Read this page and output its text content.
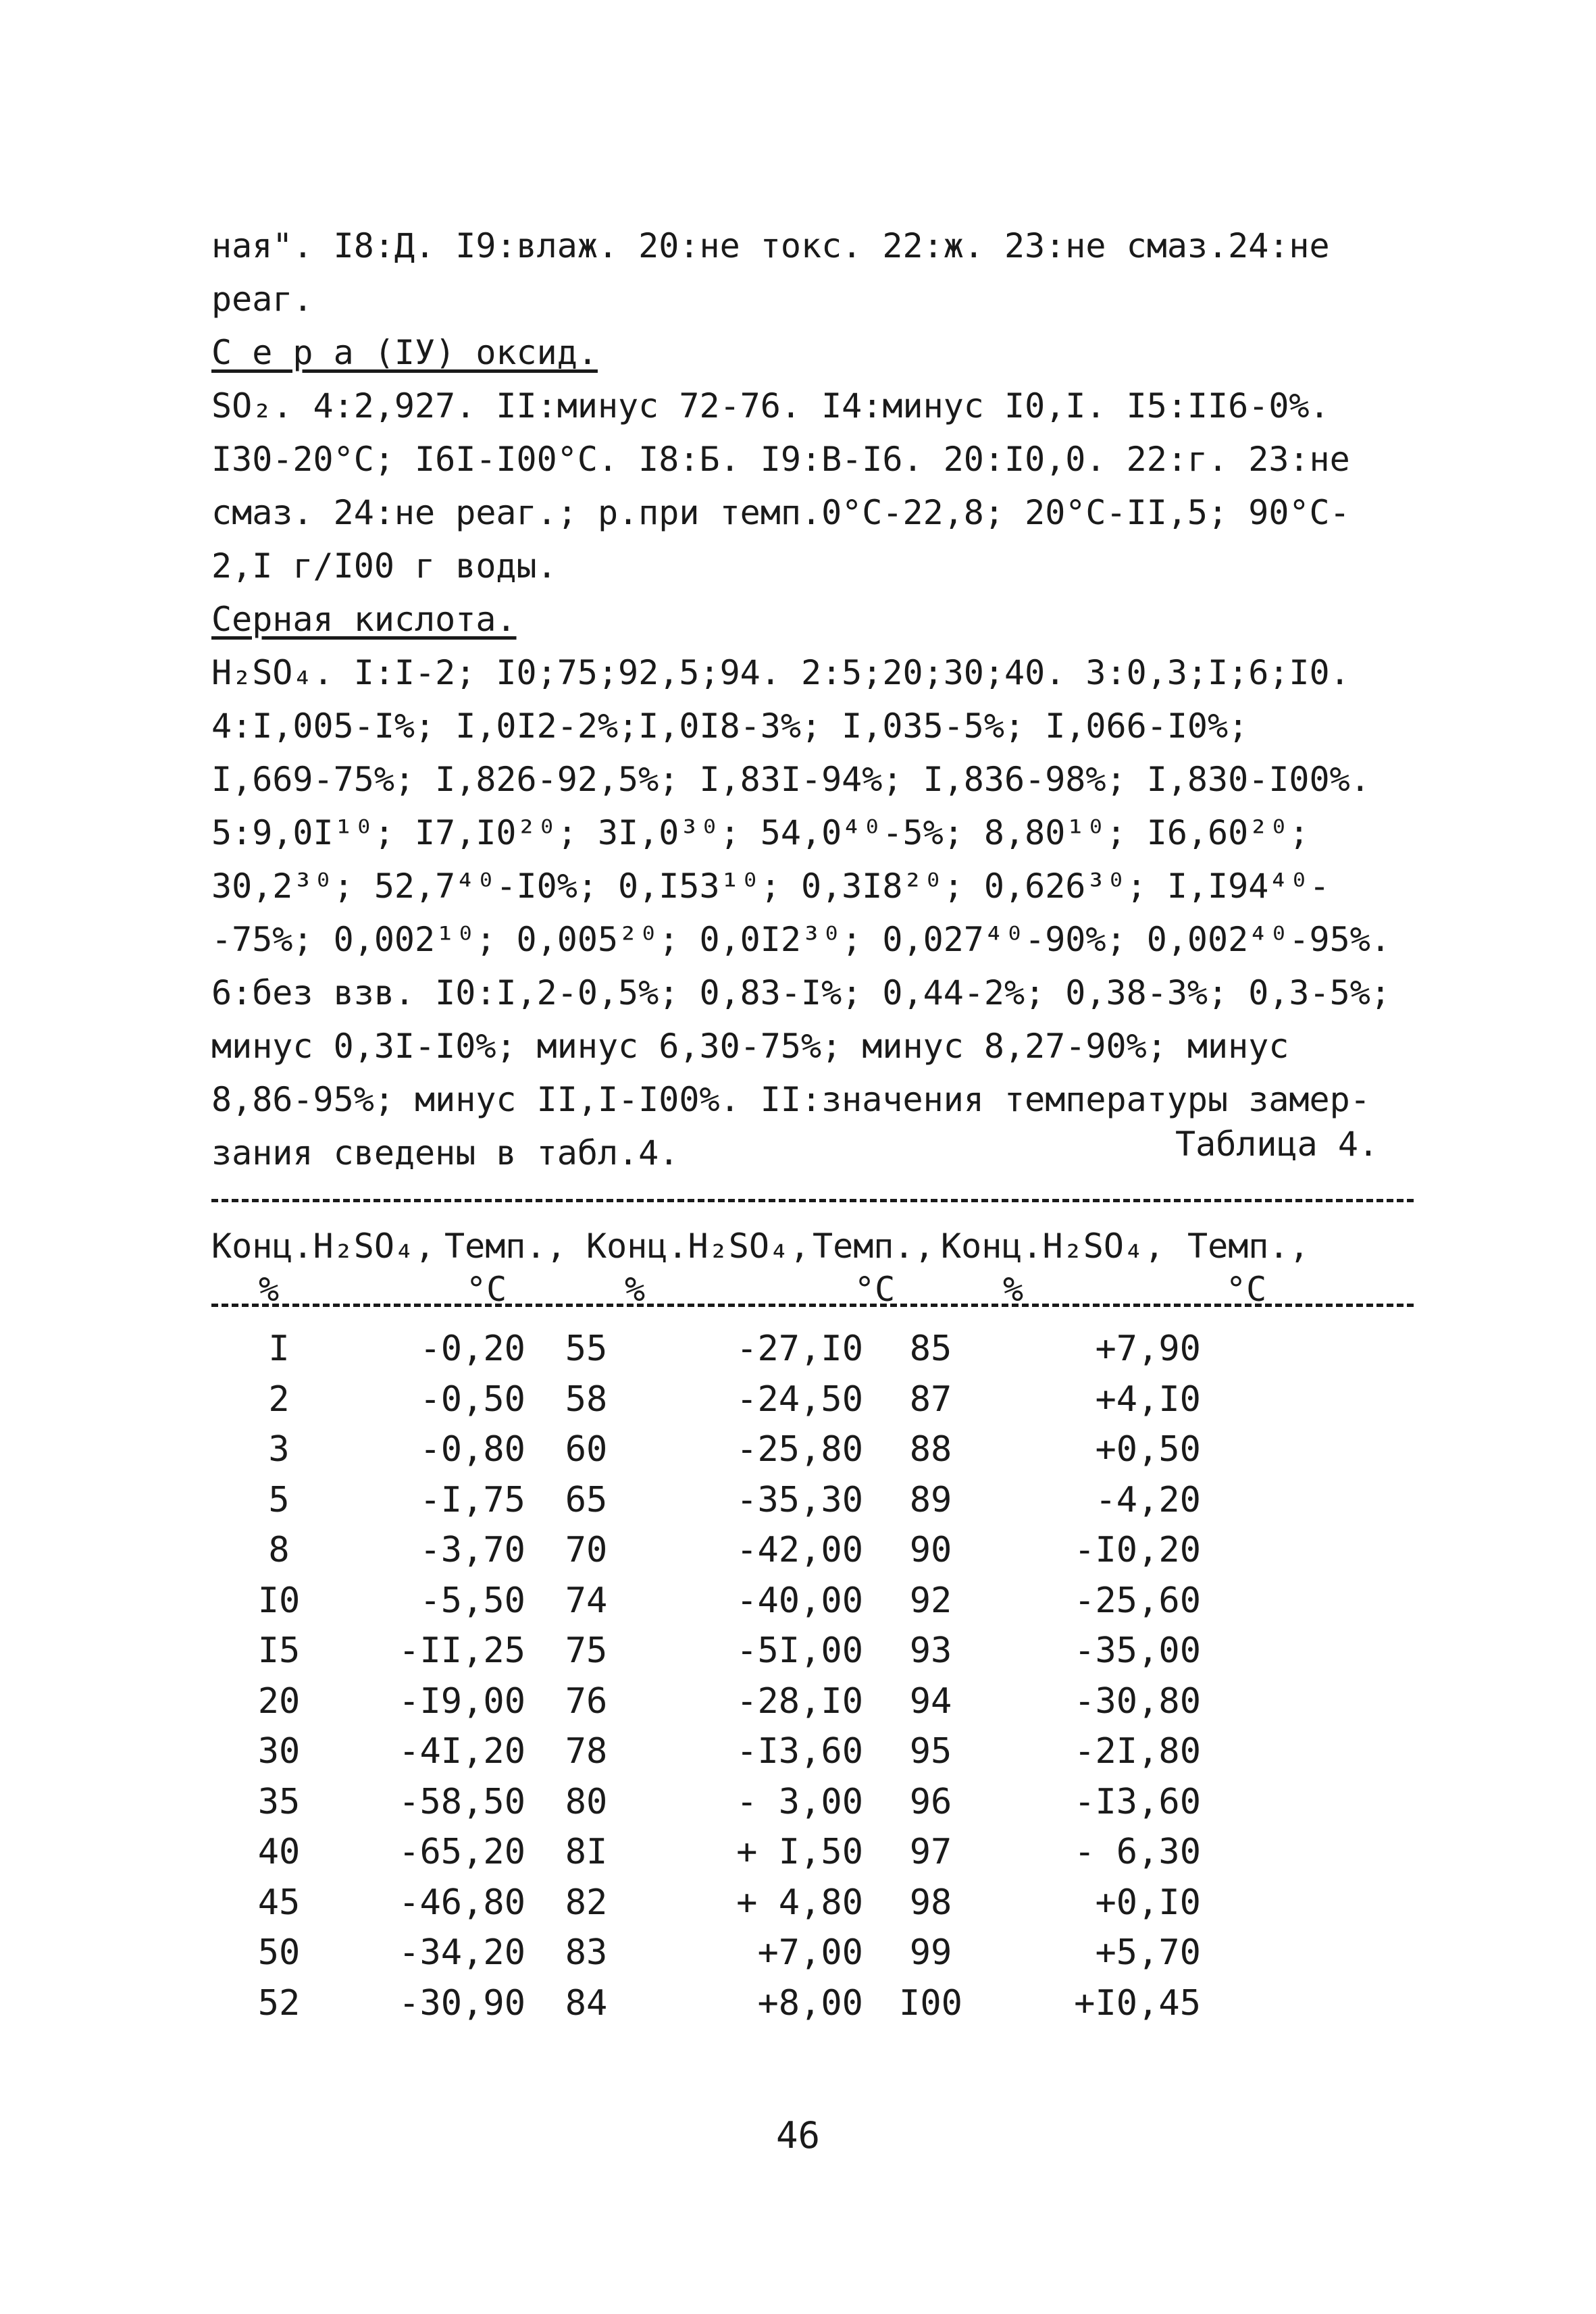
ная". I8:Д. I9:влаж. 20:не токс. 22:ж. 23:не смаз.24:не
реаг.
С е р а (IУ) оксид.
SO₂. 4:2,927. II:минус 72-76. I4:минус I0,I. I5:II6-0%.
I30-20°С; I6I-I00°С. I8:Б. I9:В-I6. 20:I0,0. 22:г. 23:не
смаз. 24:не реаг.; р.при темп.0°С-22,8; 20°С-II,5; 90°С-
2,I г/I00 г воды.
Серная кислота.
H₂SO₄. I:I-2; I0;75;92,5;94. 2:5;20;30;40. 3:0,3;I;6;I0.
4:I,005-I%; I,0I2-2%;I,0I8-3%; I,035-5%; I,066-I0%;
I,669-75%; I,826-92,5%; I,83I-94%; I,836-98%; I,830-I00%.
5:9,0I¹⁰; I7,I0²⁰; 3I,0³⁰; 54,0⁴⁰-5%; 8,80¹⁰; I6,60²⁰;
30,2³⁰; 52,7⁴⁰-I0%; 0,I53¹⁰; 0,3I8²⁰; 0,626³⁰; I,I94⁴⁰-
-75%; 0,002¹⁰; 0,005²⁰; 0,0I2³⁰; 0,027⁴⁰-90%; 0,002⁴⁰-95%.
6:без взв. I0:I,2-0,5%; 0,83-I%; 0,44-2%; 0,38-3%; 0,3-5%;
минус 0,3I-I0%; минус 6,30-75%; минус 8,27-90%; минус
8,86-95%; минус II,I-I00%. II:значения температуры замер-
зания сведены в табл.4.	Таблица 4.
Конц.H₂SO₄, Темп., Конц.H₂SO₄, Темп., Конц.H₂SO₄, Темп.,
%	°С	%	°С	%	°С
I	-0,20	55	-27,I0	85	+7,90
2	-0,50	58	-24,50	87	+4,I0
3	-0,80	60	-25,80	88	+0,50
5	-I,75	65	-35,30	89	-4,20
8	-3,70	70	-42,00	90	-I0,20
I0	-5,50	74	-40,00	92	-25,60
I5	-II,25	75	-5I,00	93	-35,00
20	-I9,00	76	-28,I0	94	-30,80
30	-4I,20	78	-I3,60	95	-2I,80
35	-58,50	80	- 3,00	96	-I3,60
40	-65,20	8I	+ I,50	97	- 6,30
45	-46,80	82	+ 4,80	98	+0,I0
50	-34,20	83	+7,00	99	+5,70
52	-30,90	84	+8,00	I00	+I0,45
46
